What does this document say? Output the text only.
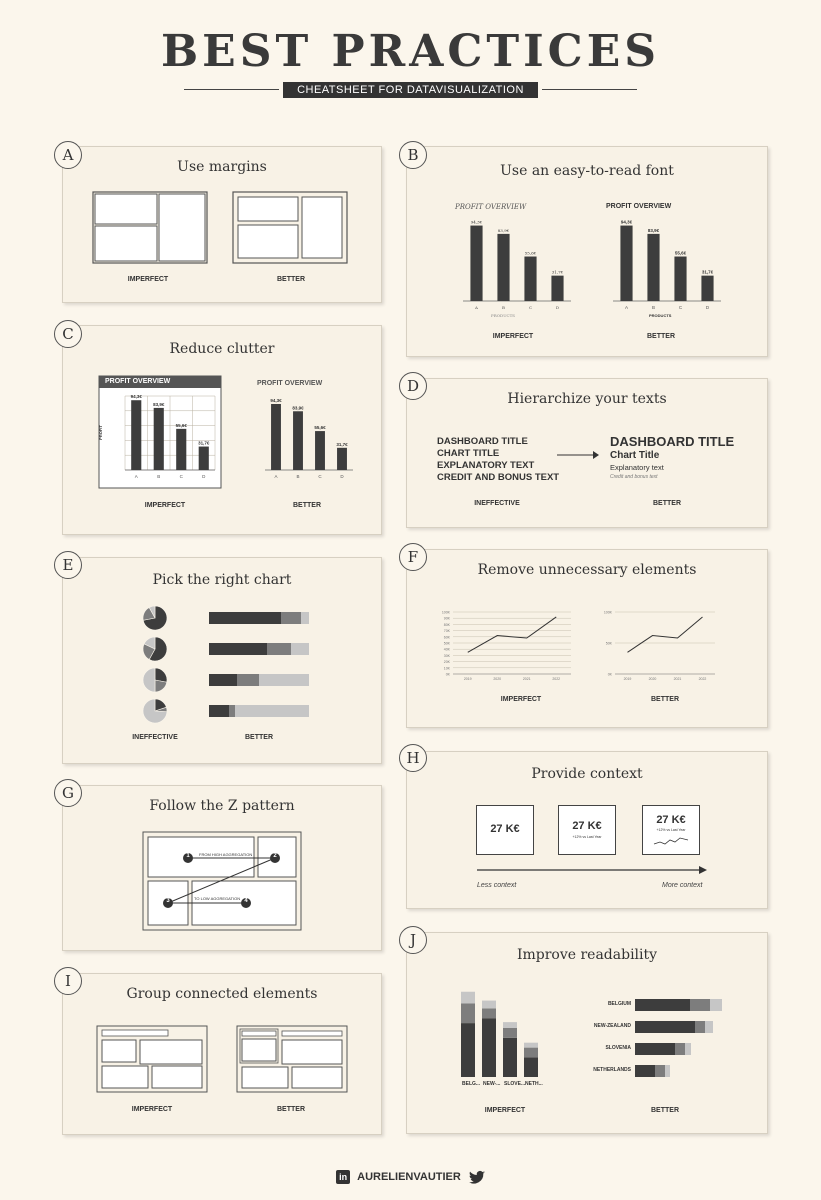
BEST PRACTICES
CHEATSHEET FOR DATAVISUALIZATION
Use margins
IMPERFECT	BETTER
A
Use an easy-to-read font
PROFIT OVERVIEW	PROFIT OVERVIEW
94,3€
A
83,9€
B
55,6€
C
31,7€
D
94,3€
A
83,9€
B
55,6€
C
31,7€
D
PRODUCTS	PRODUCTS
IMPERFECT	BETTER
B
Reduce clutter
PROFIT OVERVIEW
94,3€
A
83,9€
B
55,6€
C
31,7€
D
PROFIT
PROFIT OVERVIEW
94,3€
A
83,9€
B
55,6€
C
31,7€
D
IMPERFECT	BETTER
C
Hierarchize your texts
DASHBOARD TITLE
CHART TITLE
EXPLANATORY TEXT
CREDIT AND BONUS TEXT
DASHBOARD TITLE
Chart Title
Explanatory text
Credit and bonus text
INEFFECTIVE	BETTER
D
Pick the right chart
INEFFECTIVE	BETTER
E	Remove unnecessary elements
100K
90K
80K
70K
60K
50K
40K
30K
20K
10K
0K
2019	2020	2021	2022
100K
50K
0K
2019	2020	2021	2022
IMPERFECT	BETTER
F
Follow the Z pattern
1	2
3	4
FROM HIGH AGGREGATION
TO LOW AGGREGATION
G
Provide context
27 K€	27 K€
+12% vs Last Year
27 K€
+12% vs Last Year
Less context	More context
H
Group connected elements
IMPERFECT	BETTER
I
Improve readability
BELG... NEW-... SLOVE... NETH...
BELGIUM
NEW-ZEALAND
SLOVENIA
NETHERLANDS
IMPERFECT	BETTER
J
in AURELIENVAUTIER
